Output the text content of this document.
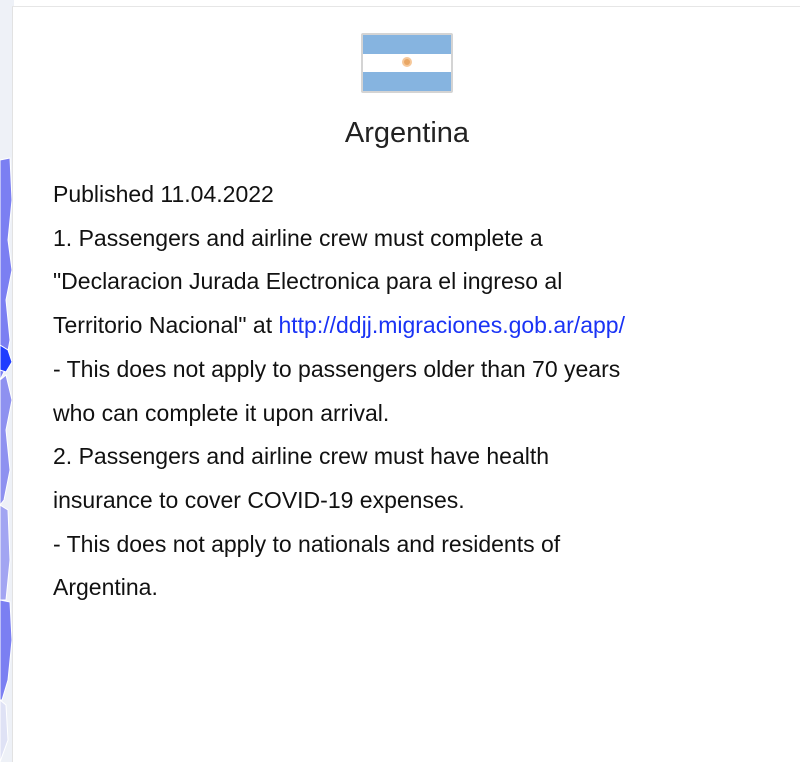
Argentina
Published 11.04.2022
1. Passengers and airline crew must complete a
"Declaracion Jurada Electronica para el ingreso al
Territorio Nacional" at http://ddjj.migraciones.gob.ar/app/
- This does not apply to passengers older than 70 years
who can complete it upon arrival.
2. Passengers and airline crew must have health
insurance to cover COVID-19 expenses.
- This does not apply to nationals and residents of
Argentina.
